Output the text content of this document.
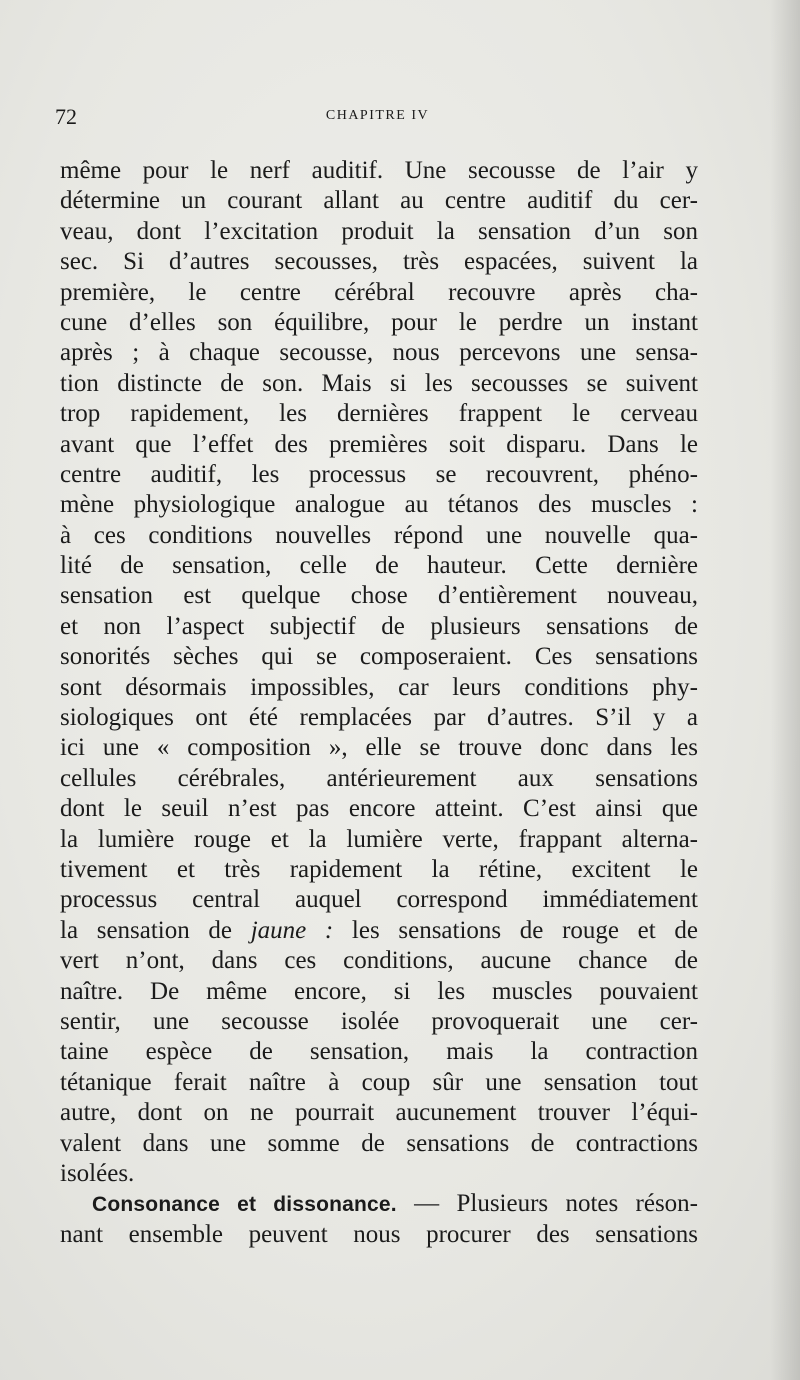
72	CHAPITRE IV
même pour le nerf auditif. Une secousse de l’air y
détermine un courant allant au centre auditif du cer-
veau, dont l’excitation produit la sensation d’un son
sec. Si d’autres secousses, très espacées, suivent la
première, le centre cérébral recouvre après cha-
cune d’elles son équilibre, pour le perdre un instant
après ; à chaque secousse, nous percevons une sensa-
tion distincte de son. Mais si les secousses se suivent
trop rapidement, les dernières frappent le cerveau
avant que l’effet des premières soit disparu. Dans le
centre auditif, les processus se recouvrent, phéno-
mène physiologique analogue au tétanos des muscles :
à ces conditions nouvelles répond une nouvelle qua-
lité de sensation, celle de hauteur. Cette dernière
sensation est quelque chose d’entièrement nouveau,
et non l’aspect subjectif de plusieurs sensations de
sonorités sèches qui se composeraient. Ces sensations
sont désormais impossibles, car leurs conditions phy-
siologiques ont été remplacées par d’autres. S’il y a
ici une « composition », elle se trouve donc dans les
cellules cérébrales, antérieurement aux sensations
dont le seuil n’est pas encore atteint. C’est ainsi que
la lumière rouge et la lumière verte, frappant alterna-
tivement et très rapidement la rétine, excitent le
processus central auquel correspond immédiatement
la sensation de jaune : les sensations de rouge et de
vert n’ont, dans ces conditions, aucune chance de
naître. De même encore, si les muscles pouvaient
sentir, une secousse isolée provoquerait une cer-
taine espèce de sensation, mais la contraction
tétanique ferait naître à coup sûr une sensation tout
autre, dont on ne pourrait aucunement trouver l’équi-
valent dans une somme de sensations de contractions
isolées.
Consonance et dissonance. — Plusieurs notes réson-
nant ensemble peuvent nous procurer des sensations
